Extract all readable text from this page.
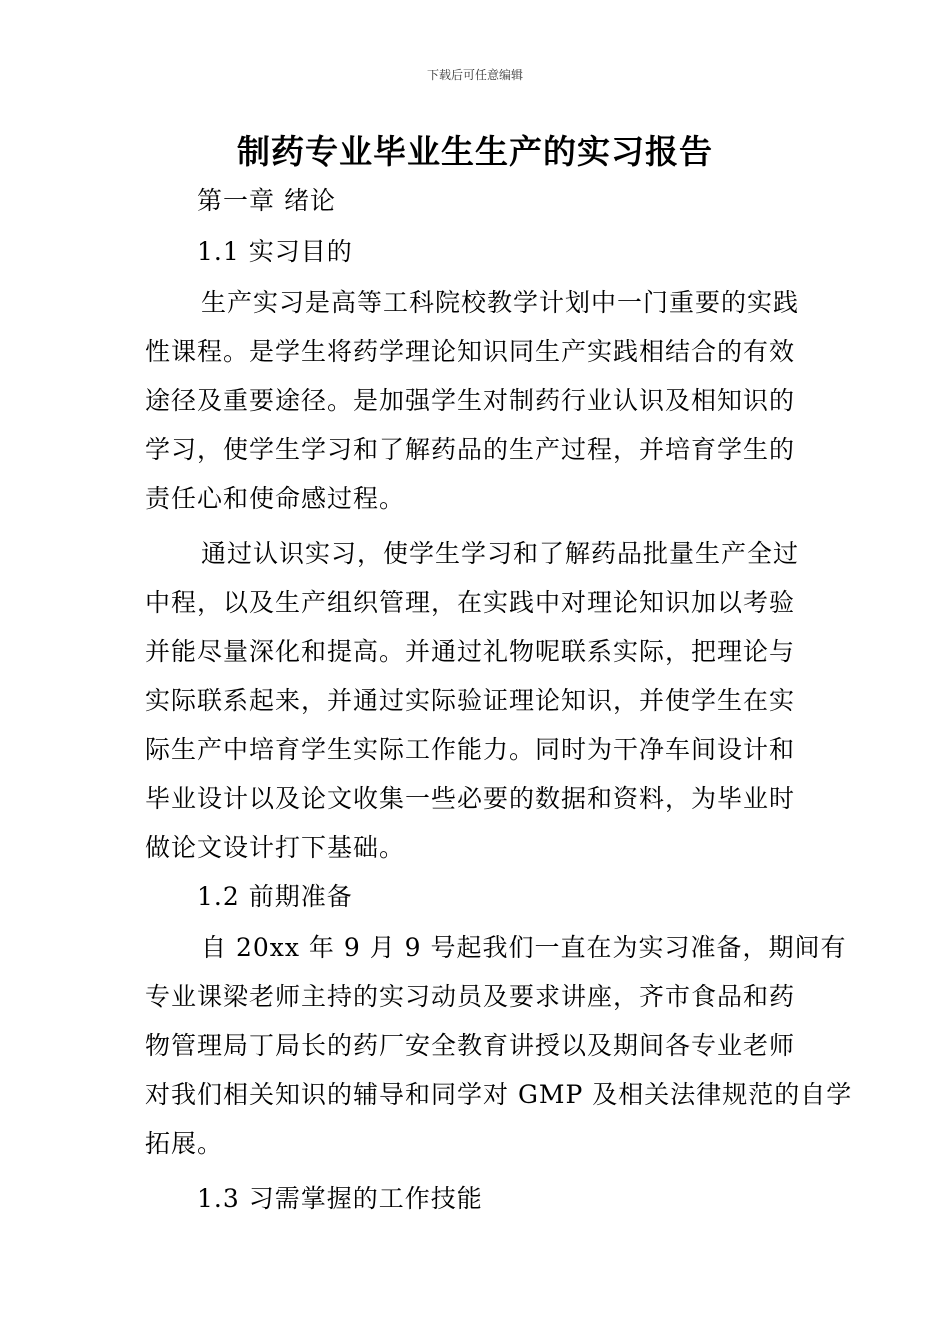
下载后可任意编辑
制药专业毕业生生产的实习报告
第一章 绪论
1.1 实习目的
生产实习是高等工科院校教学计划中一门重要的实践
性课程。是学生将药学理论知识同生产实践相结合的有效
途径及重要途径。是加强学生对制药行业认识及相知识的
学习，使学生学习和了解药品的生产过程，并培育学生的
责任心和使命感过程。
通过认识实习，使学生学习和了解药品批量生产全过
中程，以及生产组织管理，在实践中对理论知识加以考验
并能尽量深化和提高。并通过礼物呢联系实际，把理论与
实际联系起来，并通过实际验证理论知识，并使学生在实
际生产中培育学生实际工作能力。同时为干净车间设计和
毕业设计以及论文收集一些必要的数据和资料，为毕业时
做论文设计打下基础。
1.2 前期准备
自 20xx 年 9 月 9 号起我们一直在为实习准备，期间有
专业课梁老师主持的实习动员及要求讲座，齐市食品和药
物管理局丁局长的药厂安全教育讲授以及期间各专业老师
对我们相关知识的辅导和同学对 GMP 及相关法律规范的自学
拓展。
1.3 习需掌握的工作技能
